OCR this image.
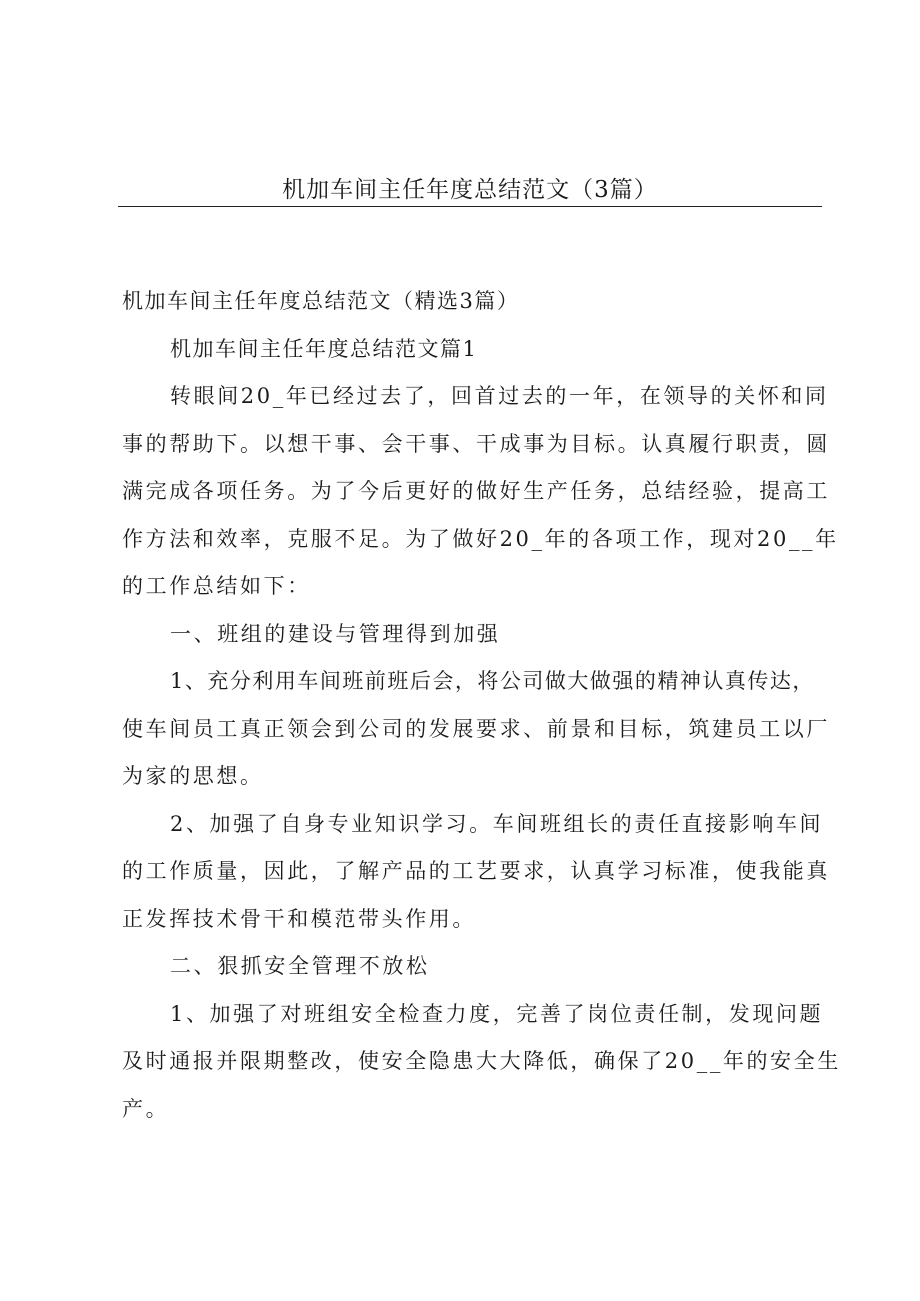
机加车间主任年度总结范文（3篇）

机加车间主任年度总结范文（精选3篇）

机加车间主任年度总结范文篇1

转眼间20_年已经过去了，回首过去的一年，在领导的关怀和同

事的帮助下。以想干事、会干事、干成事为目标。认真履行职责，圆

满完成各项任务。为了今后更好的做好生产任务，总结经验，提高工

作方法和效率，克服不足。为了做好20_年的各项工作，现对20__年

的工作总结如下：

一、班组的建设与管理得到加强

1、充分利用车间班前班后会，将公司做大做强的精神认真传达，

使车间员工真正领会到公司的发展要求、前景和目标，筑建员工以厂

为家的思想。

2、加强了自身专业知识学习。车间班组长的责任直接影响车间

的工作质量，因此，了解产品的工艺要求，认真学习标准，使我能真

正发挥技术骨干和模范带头作用。

二、狠抓安全管理不放松

1、加强了对班组安全检查力度，完善了岗位责任制，发现问题

及时通报并限期整改，使安全隐患大大降低，确保了20__年的安全生

产。
